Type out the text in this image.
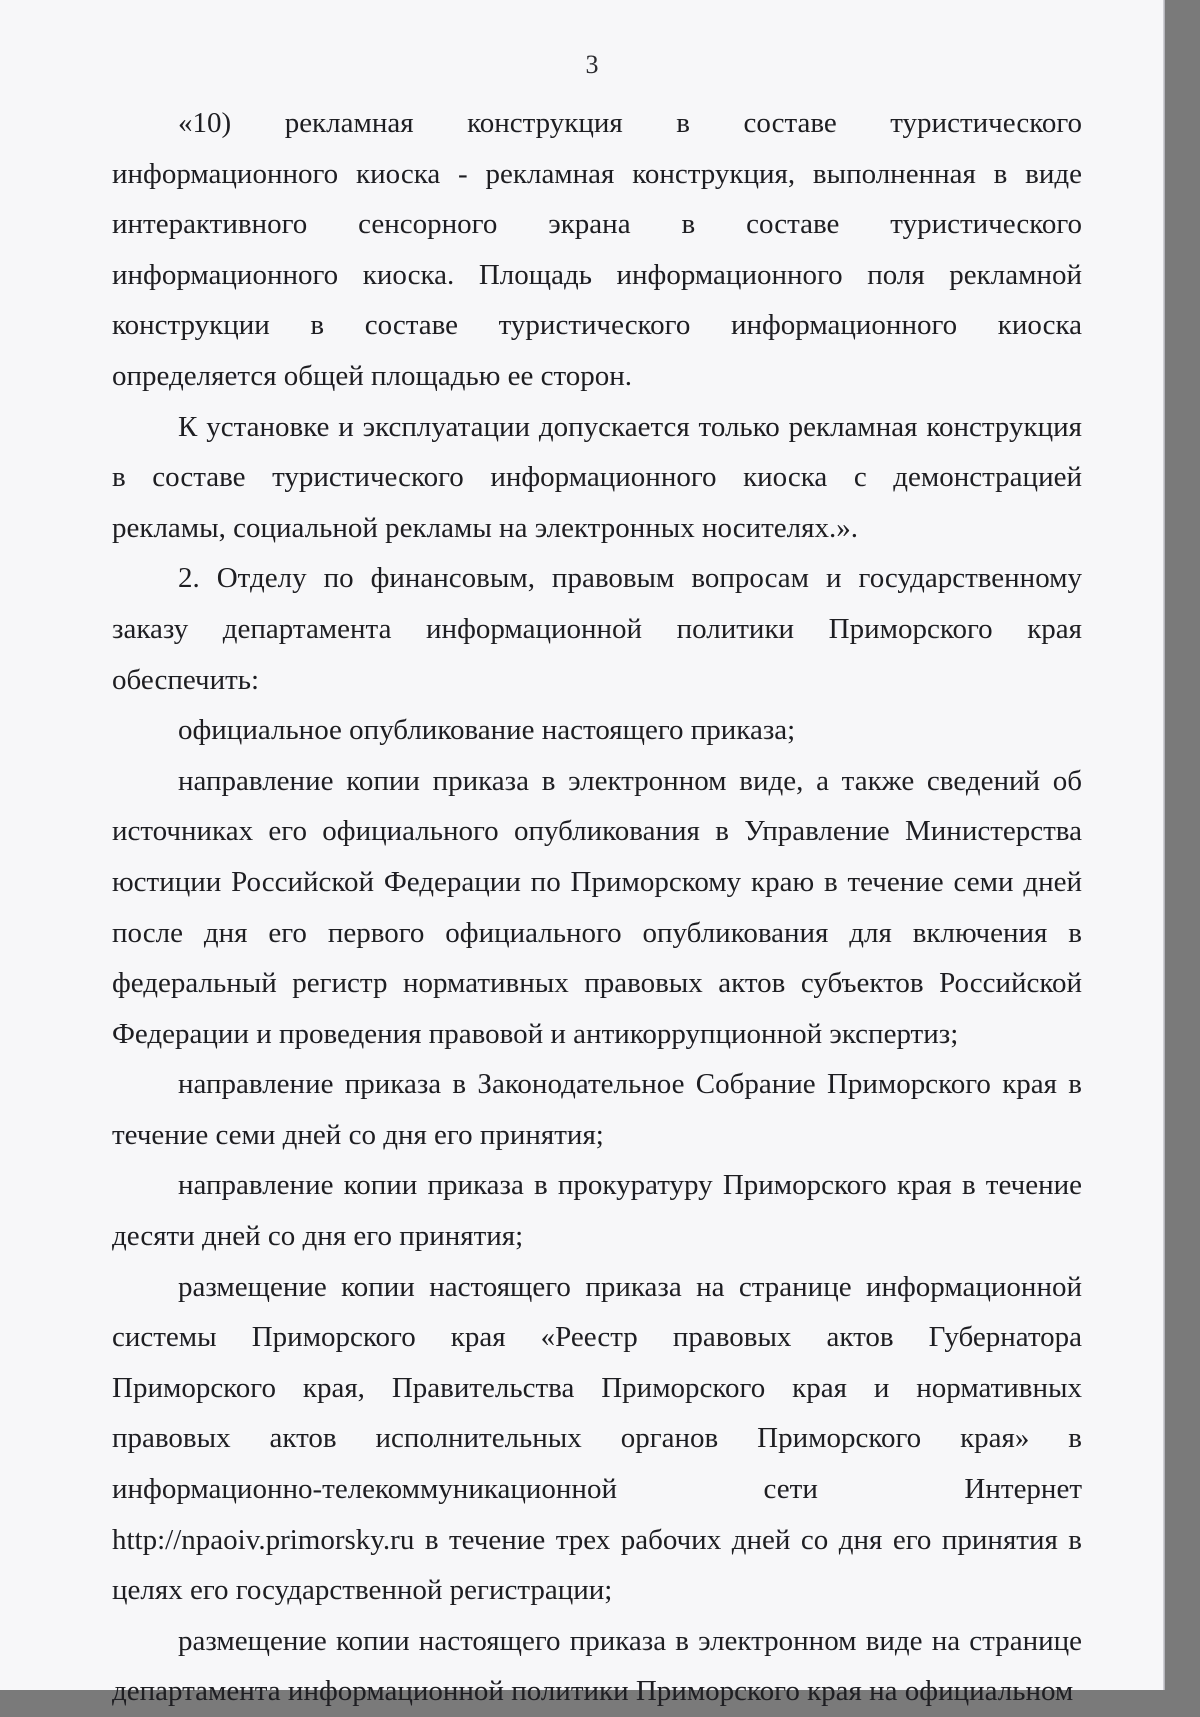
3

«10) рекламная конструкция в составе туристического информационного киоска - рекламная конструкция, выполненная в виде интерактивного сенсорного экрана в составе туристического информационного киоска. Площадь информационного поля рекламной конструкции в составе туристического информационного киоска определяется общей площадью ее сторон.

К установке и эксплуатации допускается только рекламная конструкция в составе туристического информационного киоска с демонстрацией рекламы, социальной рекламы на электронных носителях.».

2. Отделу по финансовым, правовым вопросам и государственному заказу департамента информационной политики Приморского края обеспечить:

официальное опубликование настоящего приказа;

направление копии приказа в электронном виде, а также сведений об источниках его официального опубликования в Управление Министерства юстиции Российской Федерации по Приморскому краю в течение семи дней после дня его первого официального опубликования для включения в федеральный регистр нормативных правовых актов субъектов Российской Федерации и проведения правовой и антикоррупционной экспертиз;

направление приказа в Законодательное Собрание Приморского края в течение семи дней со дня его принятия;

направление копии приказа в прокуратуру Приморского края в течение десяти дней со дня его принятия;

размещение копии настоящего приказа на странице информационной системы Приморского края «Реестр правовых актов Губернатора Приморского края, Правительства Приморского края и нормативных правовых актов исполнительных органов Приморского края» в информационно-телекоммуникационной сети Интернет http://npaoiv.primorsky.ru в течение трех рабочих дней со дня его принятия в целях его государственной регистрации;

размещение копии настоящего приказа в электронном виде на странице департамента информационной политики Приморского края на официальном
